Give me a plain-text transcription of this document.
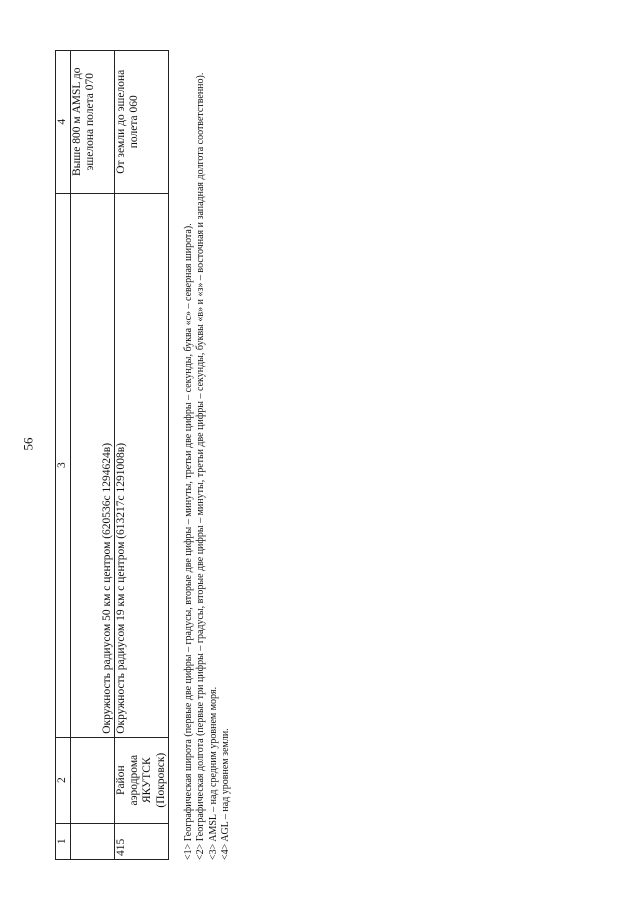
56
1	2	3	4
		Окружность радиусом 50 км с центром (620536с 1294624в)	Выше 800 м AMSL до эшелона полета 070
415	Район аэродрома ЯКУТСК (Покровск)	Окружность радиусом 19 км с центром (613217с 1291008в)	От земли до эшелона полета 060
<1> Географическая широта (первые две цифры – градусы, вторые две цифры – минуты, третьи две цифры – секунды, буква «с» – северная широта). <2> Географическая долгота (первые три цифры – градусы, вторые две цифры – минуты, третьи две цифры – секунды, буквы «в» и «з» – восточная и западная долгота соответственно). <3> AMSL – над средним уровнем моря. <4> AGL – над уровнем земли.
